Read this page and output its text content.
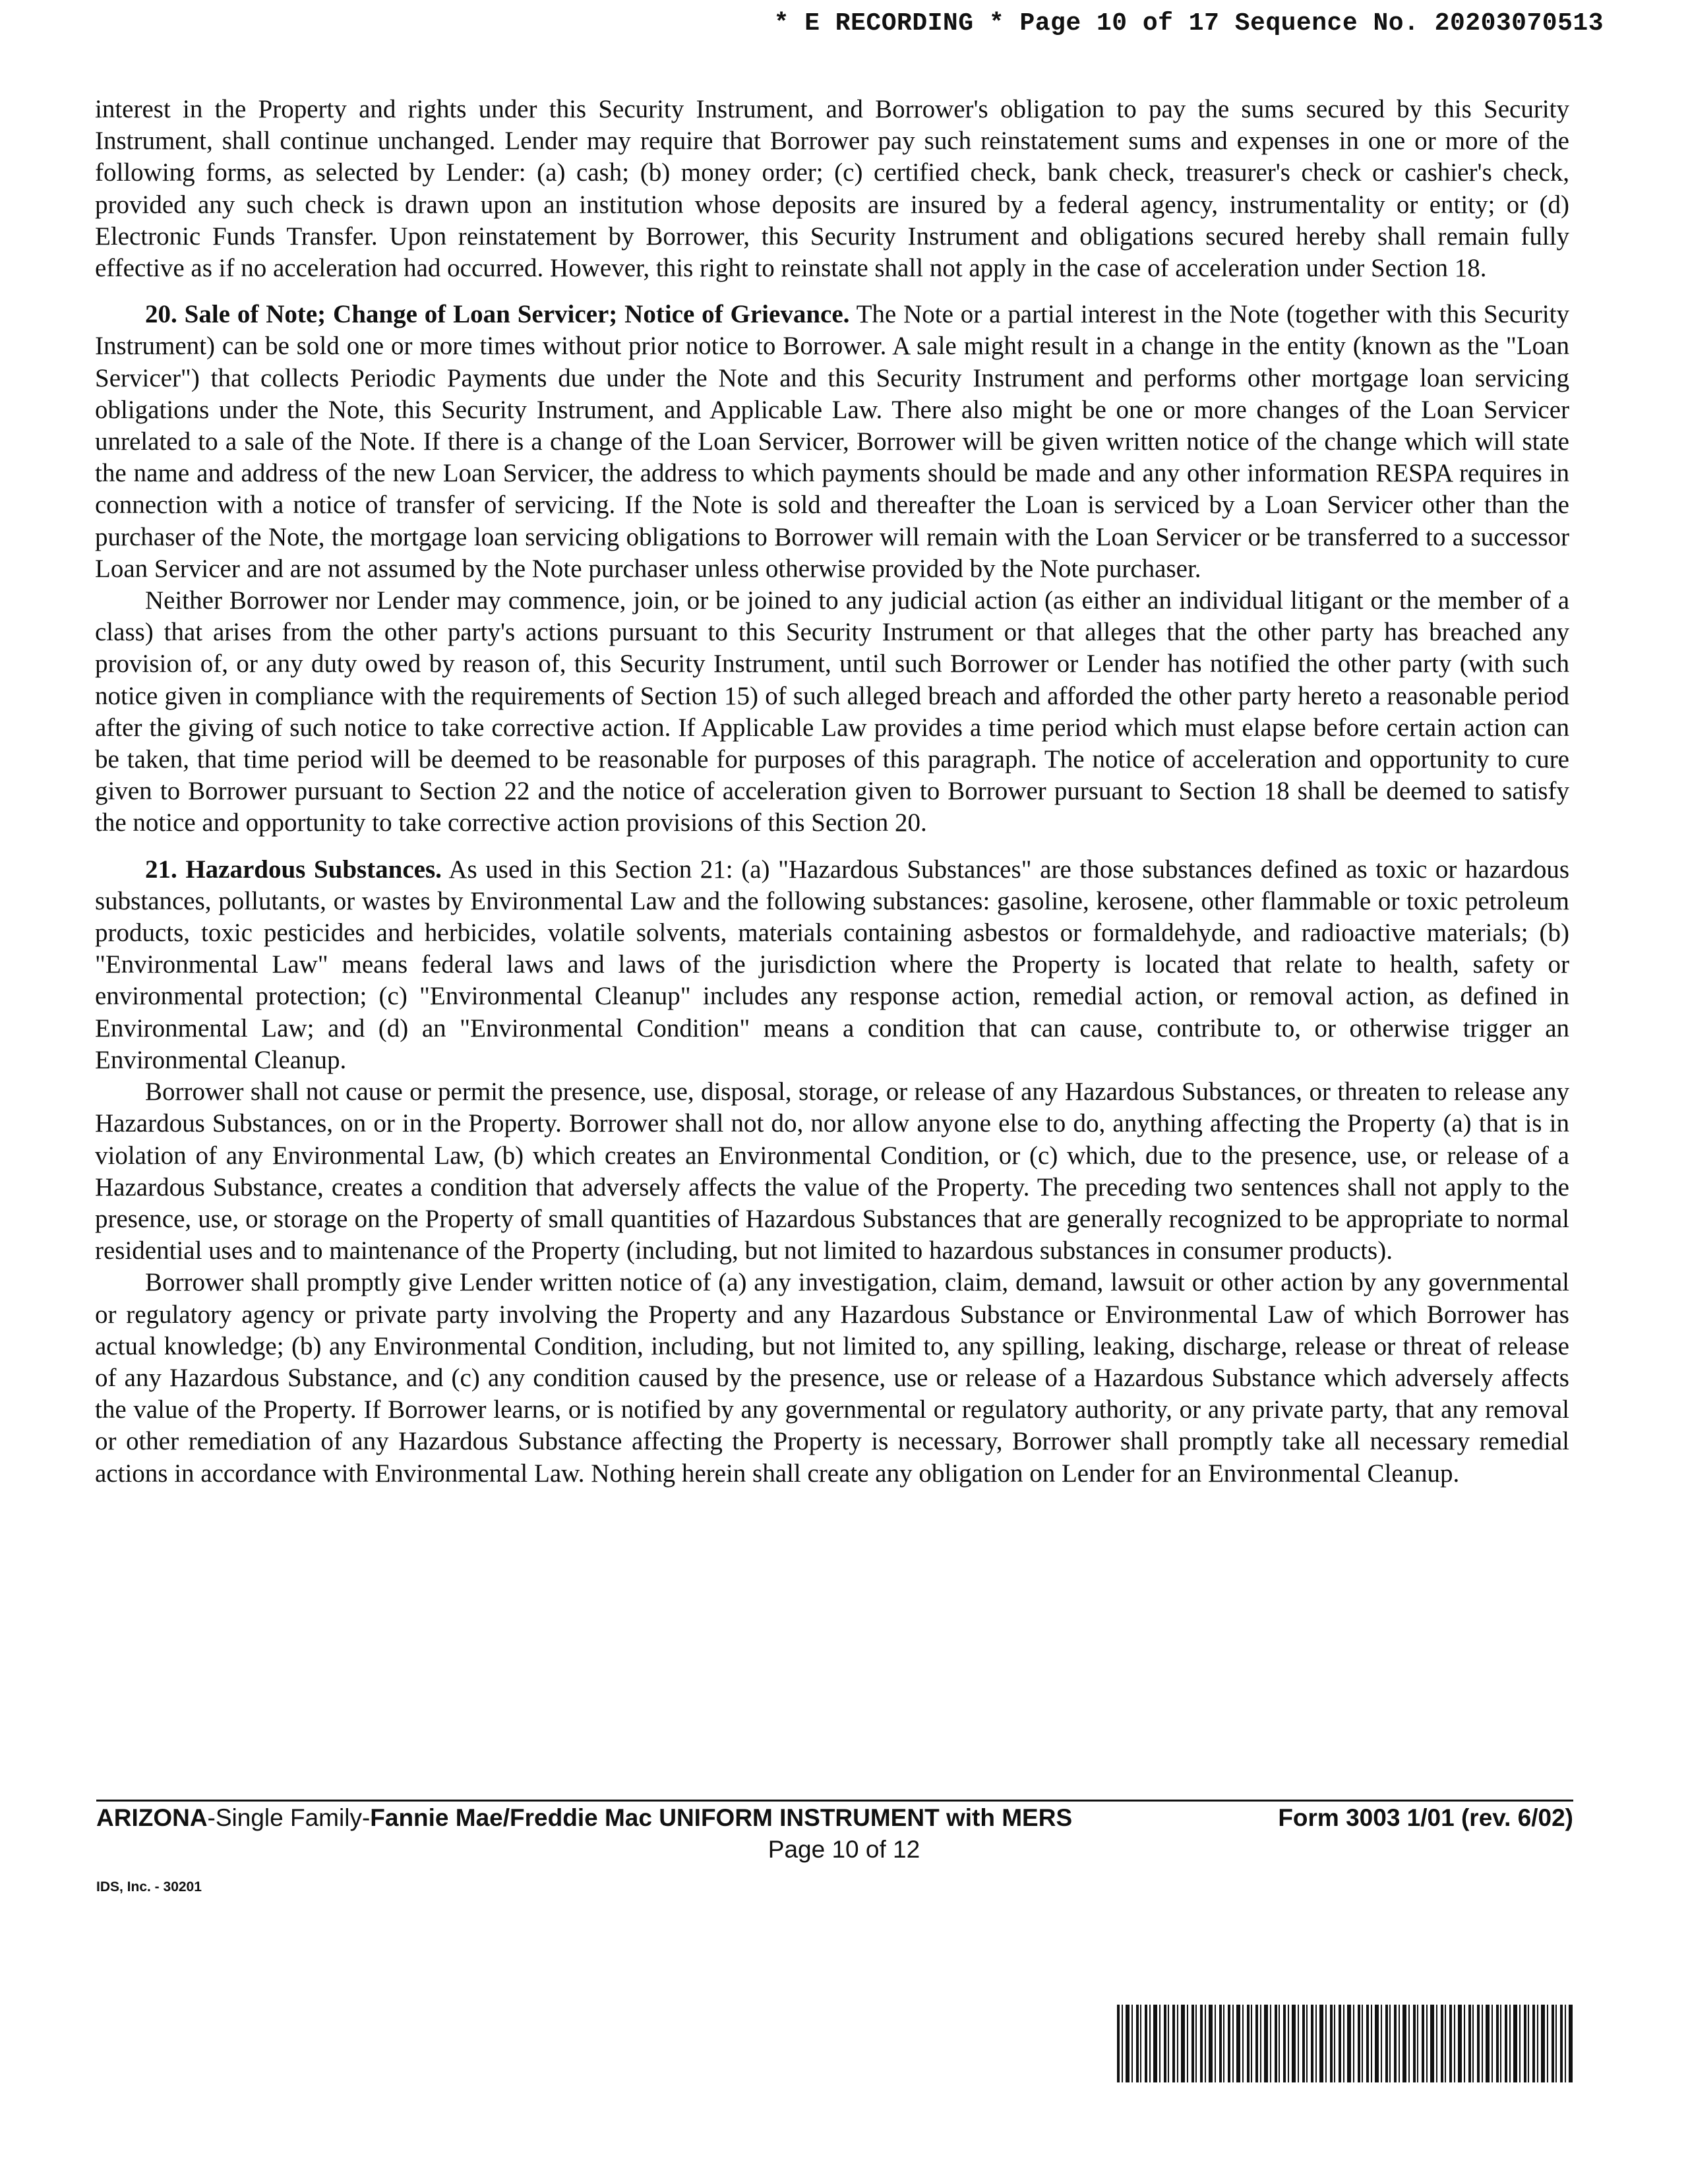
* E RECORDING * Page 10 of 17 Sequence No. 20203070513

interest in the Property and rights under this Security Instrument, and Borrower's obligation to pay the sums secured by this Security Instrument, shall continue unchanged. Lender may require that Borrower pay such reinstatement sums and expenses in one or more of the following forms, as selected by Lender: (a) cash; (b) money order; (c) certified check, bank check, treasurer's check or cashier's check, provided any such check is drawn upon an institution whose deposits are insured by a federal agency, instrumentality or entity; or (d) Electronic Funds Transfer. Upon reinstatement by Borrower, this Security Instrument and obligations secured hereby shall remain fully effective as if no acceleration had occurred. However, this right to reinstate shall not apply in the case of acceleration under Section 18.

20. Sale of Note; Change of Loan Servicer; Notice of Grievance. The Note or a partial interest in the Note (together with this Security Instrument) can be sold one or more times without prior notice to Borrower. A sale might result in a change in the entity (known as the "Loan Servicer") that collects Periodic Payments due under the Note and this Security Instrument and performs other mortgage loan servicing obligations under the Note, this Security Instrument, and Applicable Law. There also might be one or more changes of the Loan Servicer unrelated to a sale of the Note. If there is a change of the Loan Servicer, Borrower will be given written notice of the change which will state the name and address of the new Loan Servicer, the address to which payments should be made and any other information RESPA requires in connection with a notice of transfer of servicing. If the Note is sold and thereafter the Loan is serviced by a Loan Servicer other than the purchaser of the Note, the mortgage loan servicing obligations to Borrower will remain with the Loan Servicer or be transferred to a successor Loan Servicer and are not assumed by the Note purchaser unless otherwise provided by the Note purchaser.

Neither Borrower nor Lender may commence, join, or be joined to any judicial action (as either an individual litigant or the member of a class) that arises from the other party's actions pursuant to this Security Instrument or that alleges that the other party has breached any provision of, or any duty owed by reason of, this Security Instrument, until such Borrower or Lender has notified the other party (with such notice given in compliance with the requirements of Section 15) of such alleged breach and afforded the other party hereto a reasonable period after the giving of such notice to take corrective action. If Applicable Law provides a time period which must elapse before certain action can be taken, that time period will be deemed to be reasonable for purposes of this paragraph. The notice of acceleration and opportunity to cure given to Borrower pursuant to Section 22 and the notice of acceleration given to Borrower pursuant to Section 18 shall be deemed to satisfy the notice and opportunity to take corrective action provisions of this Section 20.

21. Hazardous Substances. As used in this Section 21: (a) "Hazardous Substances" are those substances defined as toxic or hazardous substances, pollutants, or wastes by Environmental Law and the following substances: gasoline, kerosene, other flammable or toxic petroleum products, toxic pesticides and herbicides, volatile solvents, materials containing asbestos or formaldehyde, and radioactive materials; (b) "Environmental Law" means federal laws and laws of the jurisdiction where the Property is located that relate to health, safety or environmental protection; (c) "Environmental Cleanup" includes any response action, remedial action, or removal action, as defined in Environmental Law; and (d) an "Environmental Condition" means a condition that can cause, contribute to, or otherwise trigger an Environmental Cleanup.

Borrower shall not cause or permit the presence, use, disposal, storage, or release of any Hazardous Substances, or threaten to release any Hazardous Substances, on or in the Property. Borrower shall not do, nor allow anyone else to do, anything affecting the Property (a) that is in violation of any Environmental Law, (b) which creates an Environmental Condition, or (c) which, due to the presence, use, or release of a Hazardous Substance, creates a condition that adversely affects the value of the Property. The preceding two sentences shall not apply to the presence, use, or storage on the Property of small quantities of Hazardous Substances that are generally recognized to be appropriate to normal residential uses and to maintenance of the Property (including, but not limited to hazardous substances in consumer products).

Borrower shall promptly give Lender written notice of (a) any investigation, claim, demand, lawsuit or other action by any governmental or regulatory agency or private party involving the Property and any Hazardous Substance or Environmental Law of which Borrower has actual knowledge; (b) any Environmental Condition, including, but not limited to, any spilling, leaking, discharge, release or threat of release of any Hazardous Substance, and (c) any condition caused by the presence, use or release of a Hazardous Substance which adversely affects the value of the Property. If Borrower learns, or is notified by any governmental or regulatory authority, or any private party, that any removal or other remediation of any Hazardous Substance affecting the Property is necessary, Borrower shall promptly take all necessary remedial actions in accordance with Environmental Law. Nothing herein shall create any obligation on Lender for an Environmental Cleanup.

ARIZONA-Single Family-Fannie Mae/Freddie Mac UNIFORM INSTRUMENT with MERS	Form 3003 1/01 (rev. 6/02)
Page 10 of 12
IDS, Inc. - 30201
